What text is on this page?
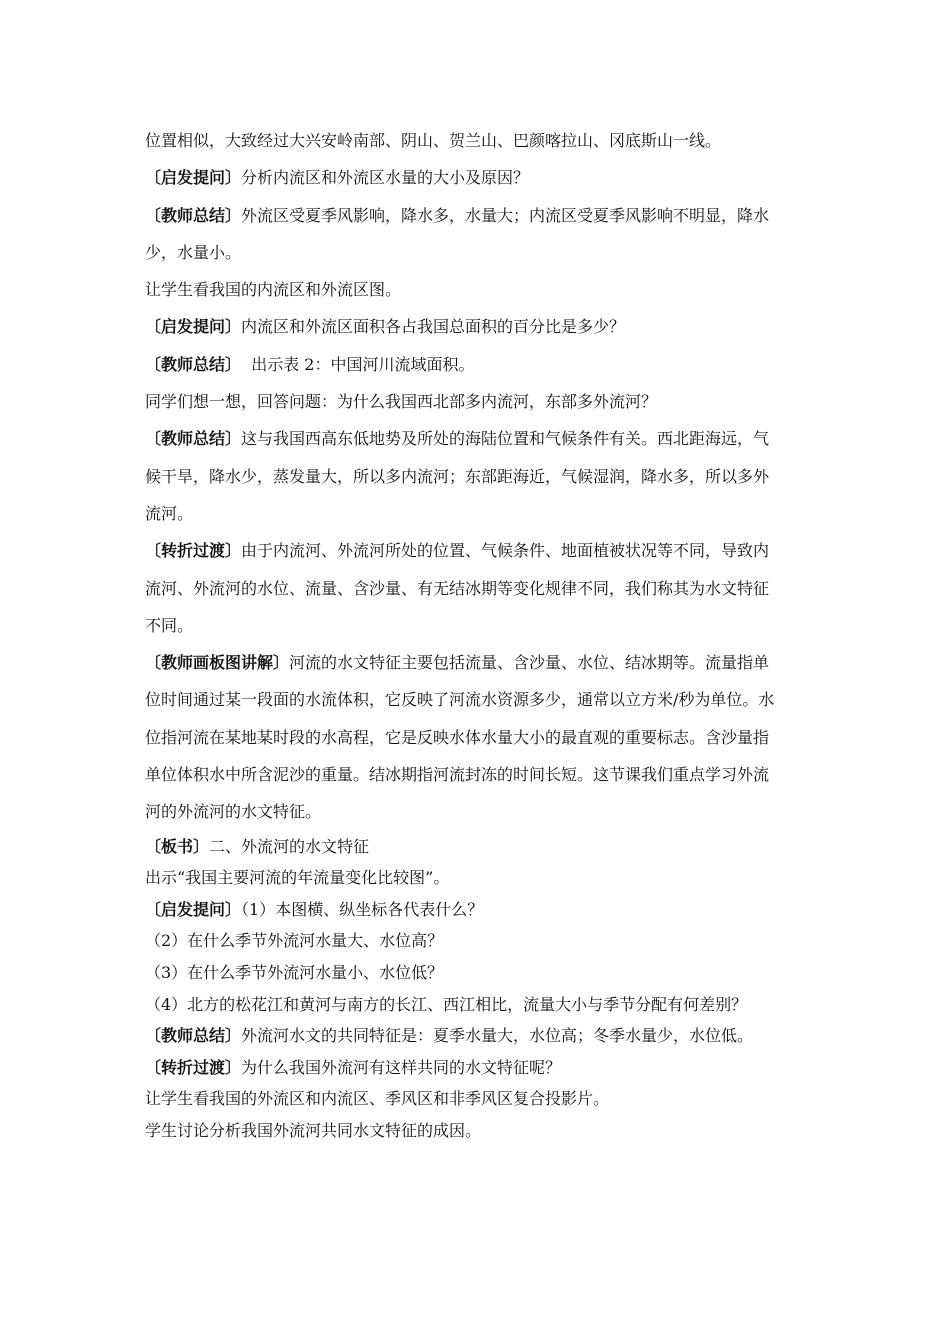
位置相似，大致经过大兴安岭南部、阴山、贺兰山、巴颜喀拉山、冈底斯山一线。
〔启发提问〕分析内流区和外流区水量的大小及原因？
〔教师总结〕外流区受夏季风影响，降水多，水量大；内流区受夏季风影响不明显，降水
少，水量小。
让学生看我国的内流区和外流区图。
〔启发提问〕内流区和外流区面积各占我国总面积的百分比是多少？
〔教师总结〕  出示表 2：中国河川流域面积。
同学们想一想，回答问题：为什么我国西北部多内流河，东部多外流河？
〔教师总结〕这与我国西高东低地势及所处的海陆位置和气候条件有关。西北距海远，气
候干旱，降水少，蒸发量大，所以多内流河；东部距海近，气候湿润，降水多，所以多外
流河。
〔转折过渡〕由于内流河、外流河所处的位置、气候条件、地面植被状况等不同，导致内
流河、外流河的水位、流量、含沙量、有无结冰期等变化规律不同，我们称其为水文特征
不同。
〔教师画板图讲解〕河流的水文特征主要包括流量、含沙量、水位、结冰期等。流量指单
位时间通过某一段面的水流体积，它反映了河流水资源多少，通常以立方米/秒为单位。水
位指河流在某地某时段的水高程，它是反映水体水量大小的最直观的重要标志。含沙量指
单位体积水中所含泥沙的重量。结冰期指河流封冻的时间长短。这节课我们重点学习外流
河的外流河的水文特征。
〔板书〕二、外流河的水文特征
出示“我国主要河流的年流量变化比较图”。
〔启发提问〕（1）本图横、纵坐标各代表什么？
（2）在什么季节外流河水量大、水位高？
（3）在什么季节外流河水量小、水位低？
（4）北方的松花江和黄河与南方的长江、西江相比，流量大小与季节分配有何差别？
〔教师总结〕外流河水文的共同特征是：夏季水量大，水位高；冬季水量少，水位低。
〔转折过渡〕为什么我国外流河有这样共同的水文特征呢？
让学生看我国的外流区和内流区、季风区和非季风区复合投影片。
学生讨论分析我国外流河共同水文特征的成因。
